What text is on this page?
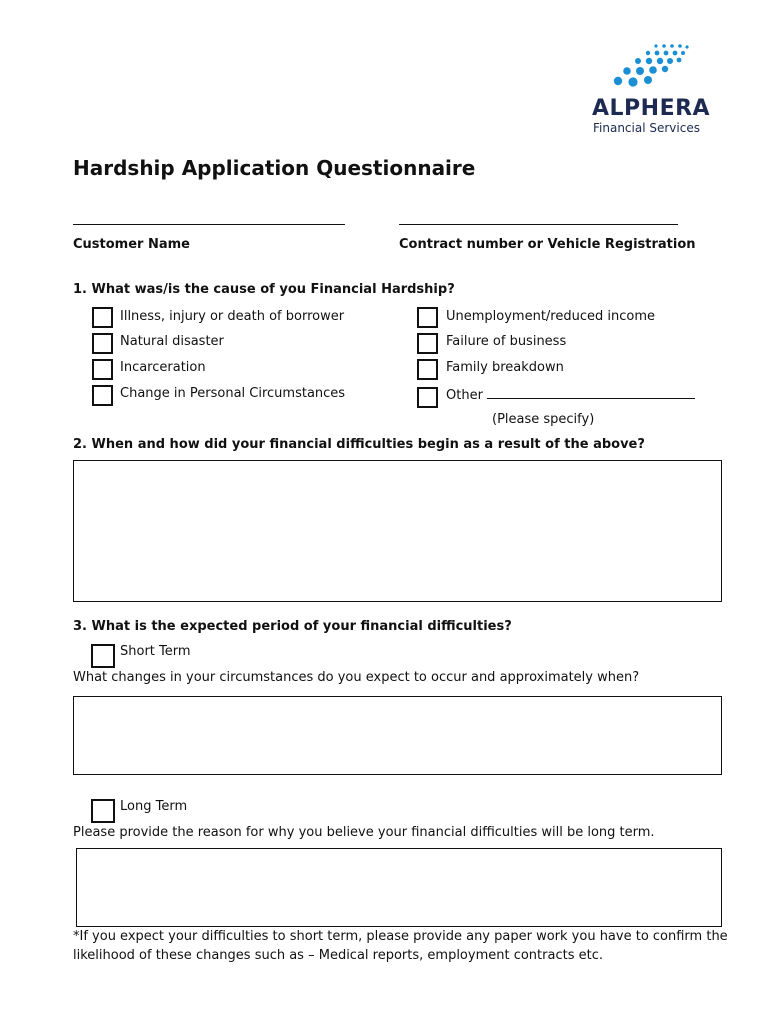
ALPHERA
Financial Services
Hardship Application Questionnaire
Customer Name	Contract number or Vehicle Registration
1. What was/is the cause of you Financial Hardship?
Illness, injury or death of borrower
Natural disaster
Incarceration
Change in Personal Circumstances
Unemployment/reduced income
Failure of business
Family breakdown
Other
(Please specify)
2. When and how did your financial difficulties begin as a result of the above?
3. What is the expected period of your financial difficulties?
Short Term
What changes in your circumstances do you expect to occur and approximately when?
Long Term
Please provide the reason for why you believe your financial difficulties will be long term.
*If you expect your difficulties to short term, please provide any paper work you have to confirm the
likelihood of these changes such as – Medical reports, employment contracts etc.
